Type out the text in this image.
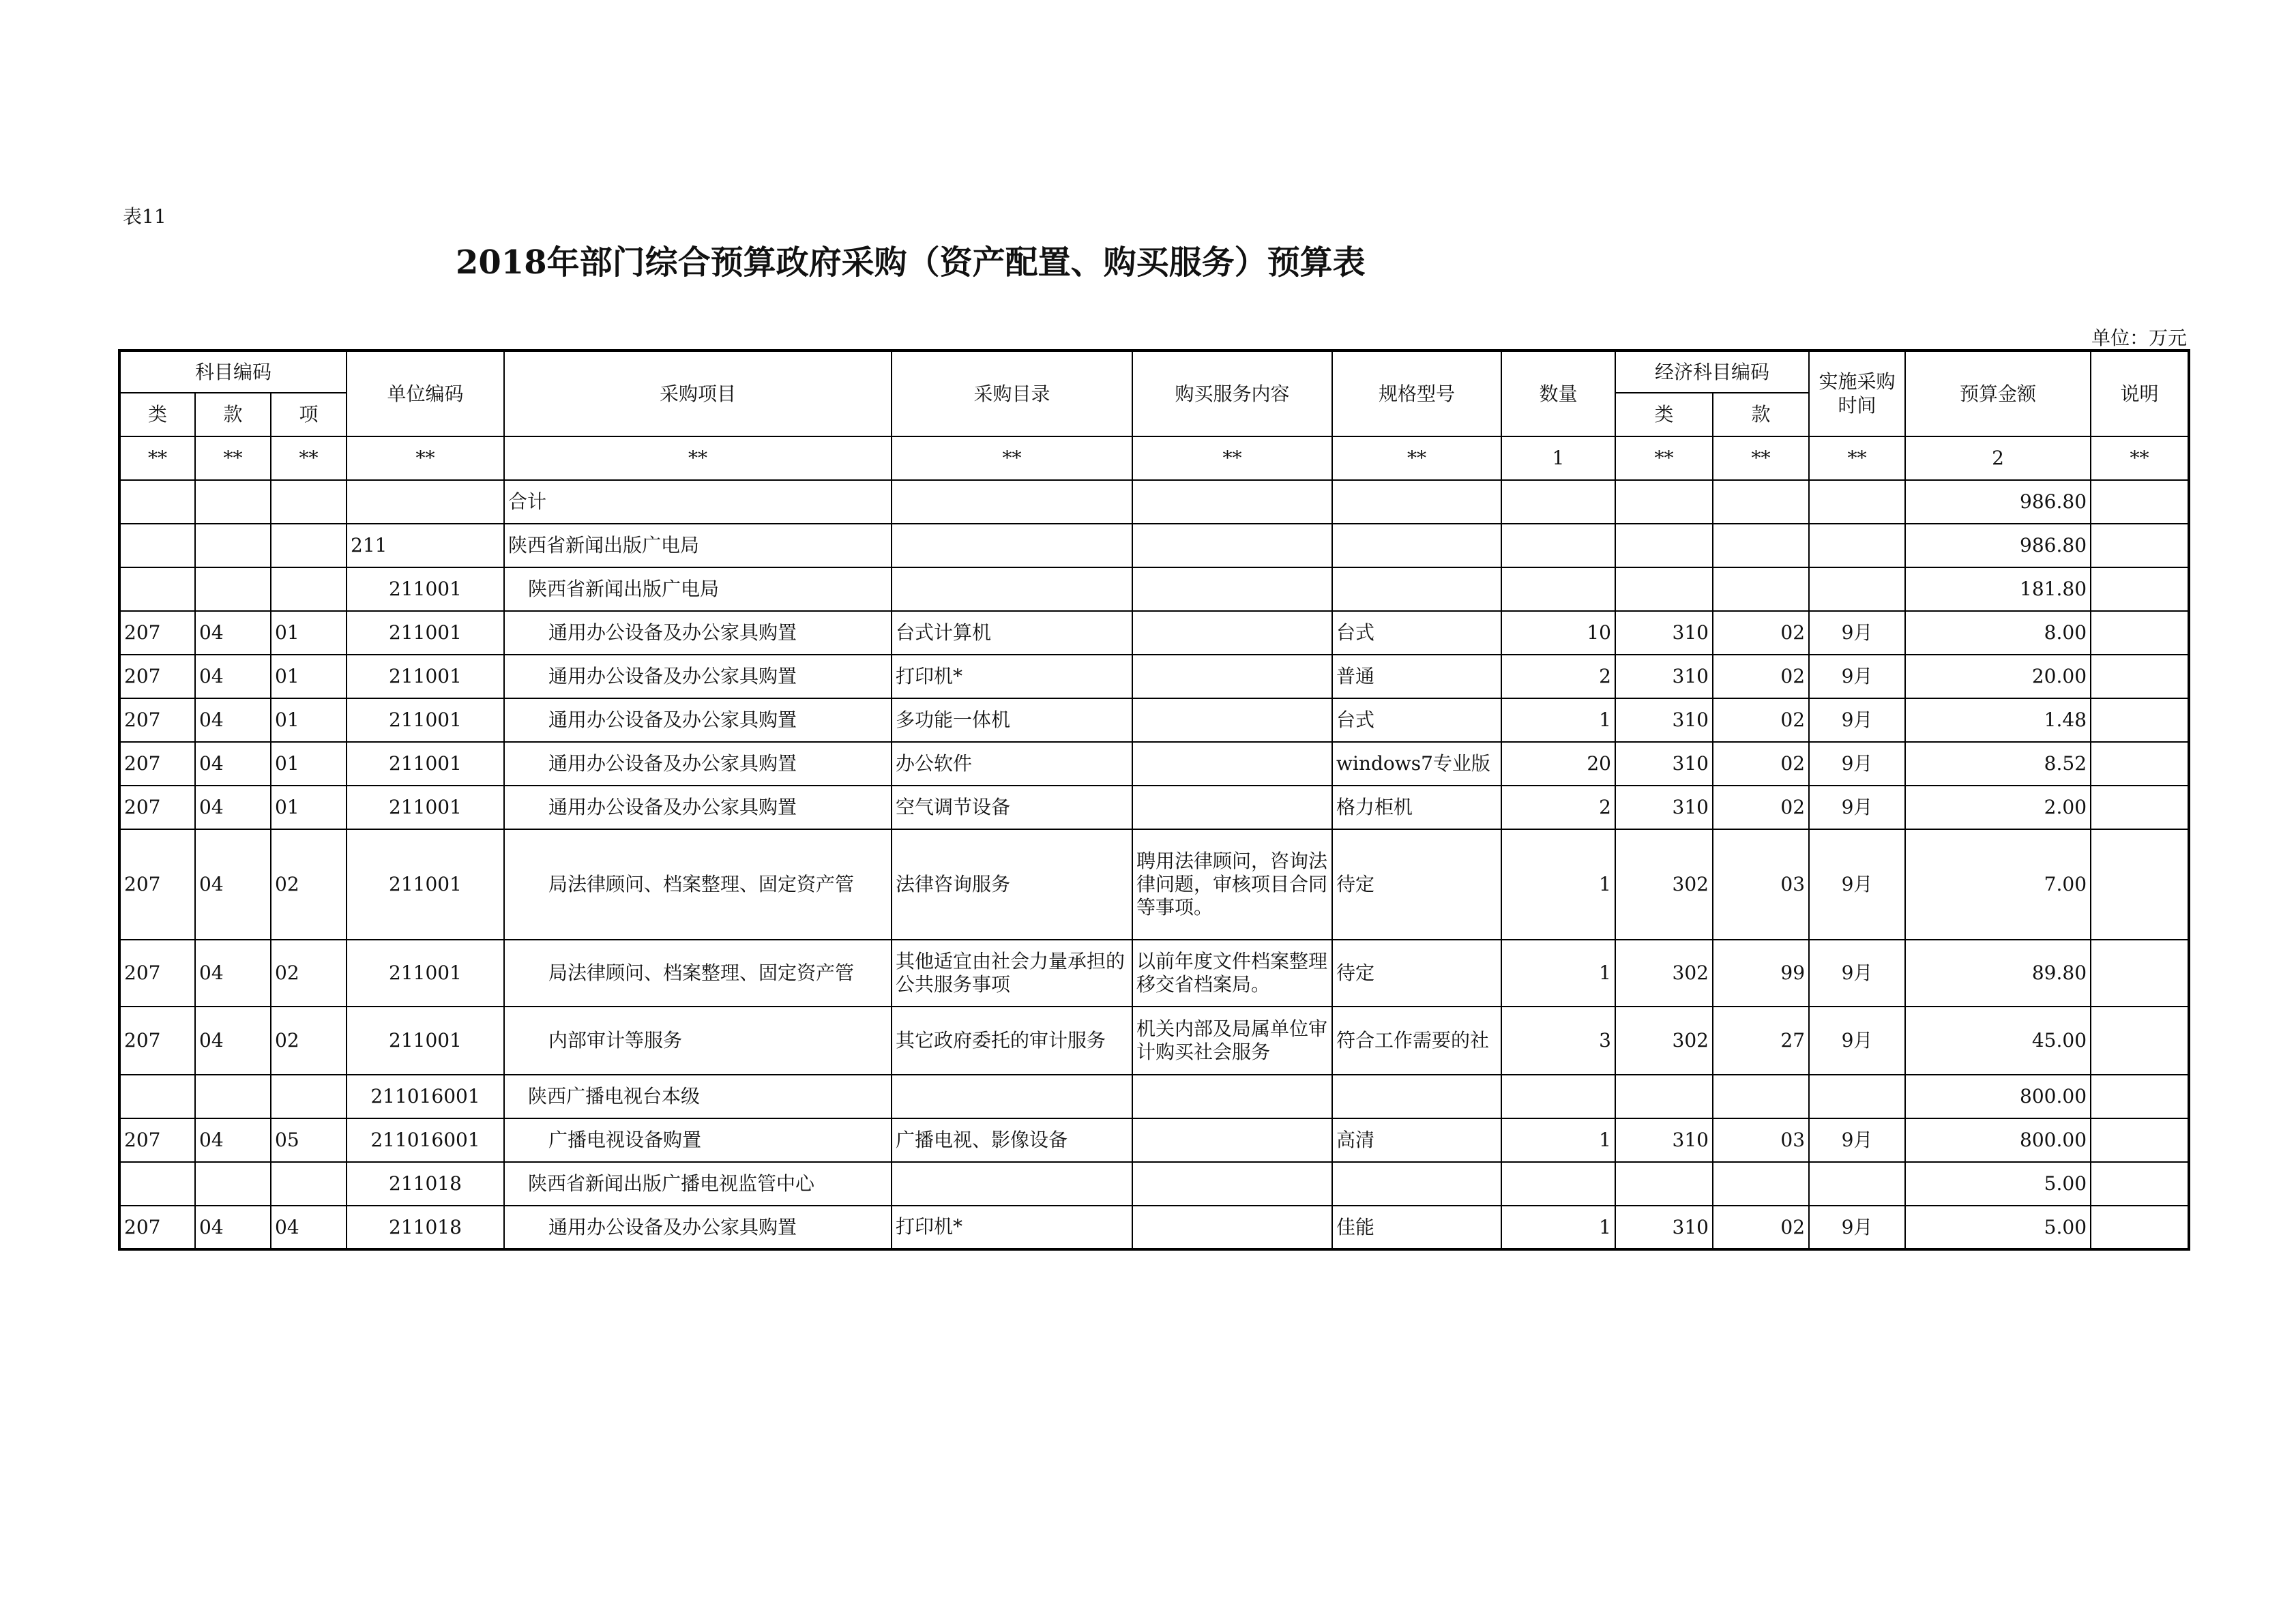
表11
2018年部门综合预算政府采购（资产配置、购买服务）预算表
单位：万元
科目编码			单位编码	采购项目	采购目录	购买服务内容	规格型号	数量	经济科目编码		实施采购时间	预算金额	说明
类	款	项							类	款			
**	**	**	**	**	**	**	**	1	**	**	**	2	**
				合计								986.80	
			211	陕西省新闻出版广电局								986.80	
			211001	陕西省新闻出版广电局								181.80	
207	04	01	211001	通用办公设备及办公家具购置	台式计算机		台式	10	310	02	9月	8.00	
207	04	01	211001	通用办公设备及办公家具购置	打印机*		普通	2	310	02	9月	20.00	
207	04	01	211001	通用办公设备及办公家具购置	多功能一体机		台式	1	310	02	9月	1.48	
207	04	01	211001	通用办公设备及办公家具购置	办公软件		windows7专业版	20	310	02	9月	8.52	
207	04	01	211001	通用办公设备及办公家具购置	空气调节设备		格力柜机	2	310	02	9月	2.00	
207	04	02	211001	局法律顾问、档案整理、固定资产管	法律咨询服务	聘用法律顾问，咨询法律问题，审核项目合同等事项。	待定	1	302	03	9月	7.00	
207	04	02	211001	局法律顾问、档案整理、固定资产管	其他适宜由社会力量承担的公共服务事项	以前年度文件档案整理移交省档案局。	待定	1	302	99	9月	89.80	
207	04	02	211001	内部审计等服务	其它政府委托的审计服务	机关内部及局属单位审计购买社会服务	符合工作需要的社	3	302	27	9月	45.00	
			211016001	陕西广播电视台本级								800.00	
207	04	05	211016001	广播电视设备购置	广播电视、影像设备		高清	1	310	03	9月	800.00	
			211018	陕西省新闻出版广播电视监管中心								5.00	
207	04	04	211018	通用办公设备及办公家具购置	打印机*		佳能	1	310	02	9月	5.00	
